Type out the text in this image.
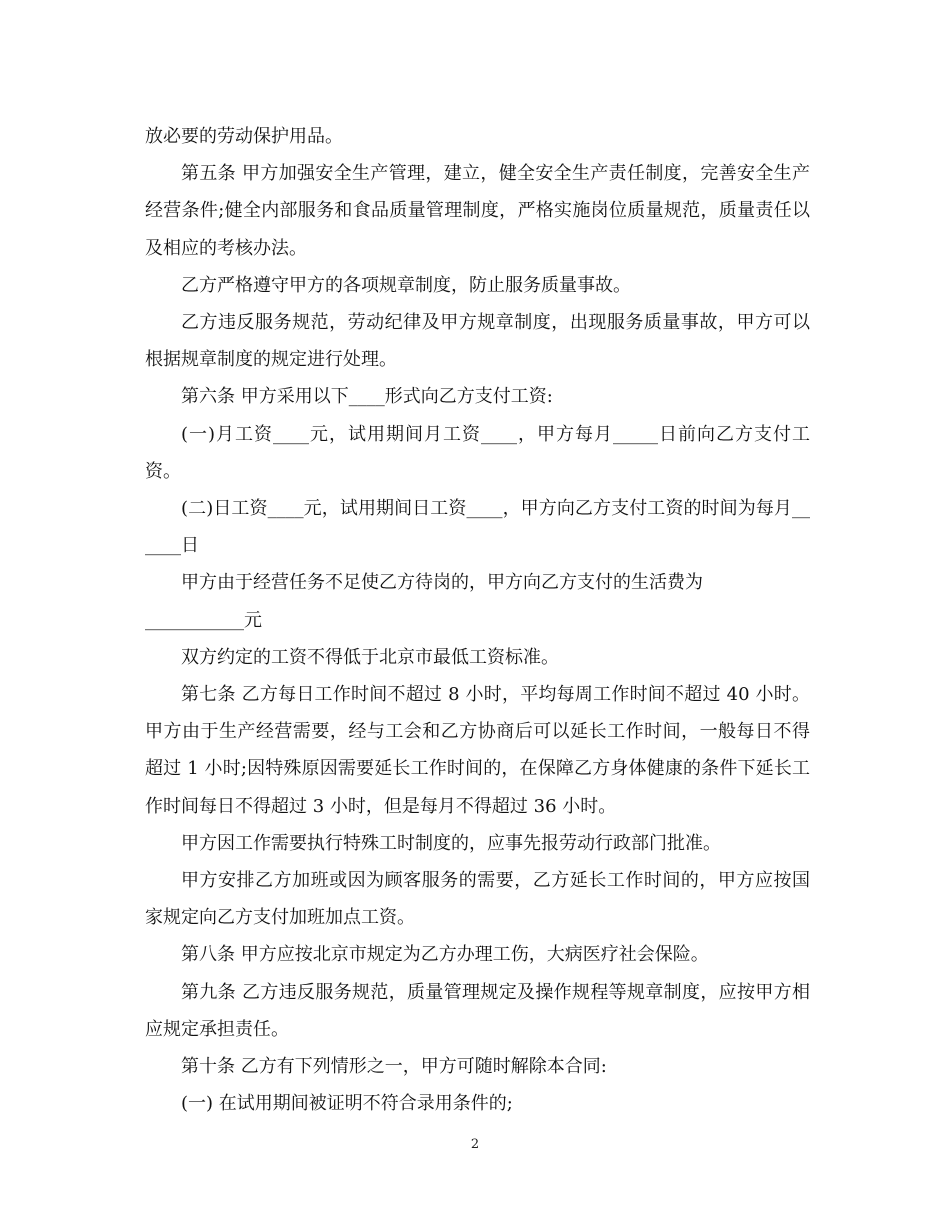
放必要的劳动保护用品。

第五条 甲方加强安全生产管理，建立，健全安全生产责任制度，完善安全生产经营条件;健全内部服务和食品质量管理制度，严格实施岗位质量规范，质量责任以及相应的考核办法。

乙方严格遵守甲方的各项规章制度，防止服务质量事故。

乙方违反服务规范，劳动纪律及甲方规章制度，出现服务质量事故，甲方可以根据规章制度的规定进行处理。

第六条 甲方采用以下____形式向乙方支付工资:

(一)月工资____元，试用期间月工资____，甲方每月_____日前向乙方支付工资。

(二)日工资____元，试用期间日工资____，甲方向乙方支付工资的时间为每月______日

甲方由于经营任务不足使乙方待岗的，甲方向乙方支付的生活费为
___________元

双方约定的工资不得低于北京市最低工资标准。

第七条 乙方每日工作时间不超过 8 小时，平均每周工作时间不超过 40 小时。甲方由于生产经营需要，经与工会和乙方协商后可以延长工作时间，一般每日不得超过 1 小时;因特殊原因需要延长工作时间的，在保障乙方身体健康的条件下延长工作时间每日不得超过 3 小时，但是每月不得超过 36 小时。

甲方因工作需要执行特殊工时制度的，应事先报劳动行政部门批准。

甲方安排乙方加班或因为顾客服务的需要，乙方延长工作时间的，甲方应按国家规定向乙方支付加班加点工资。

第八条 甲方应按北京市规定为乙方办理工伤，大病医疗社会保险。

第九条 乙方违反服务规范，质量管理规定及操作规程等规章制度，应按甲方相应规定承担责任。

第十条 乙方有下列情形之一，甲方可随时解除本合同:

(一) 在试用期间被证明不符合录用条件的;

2
